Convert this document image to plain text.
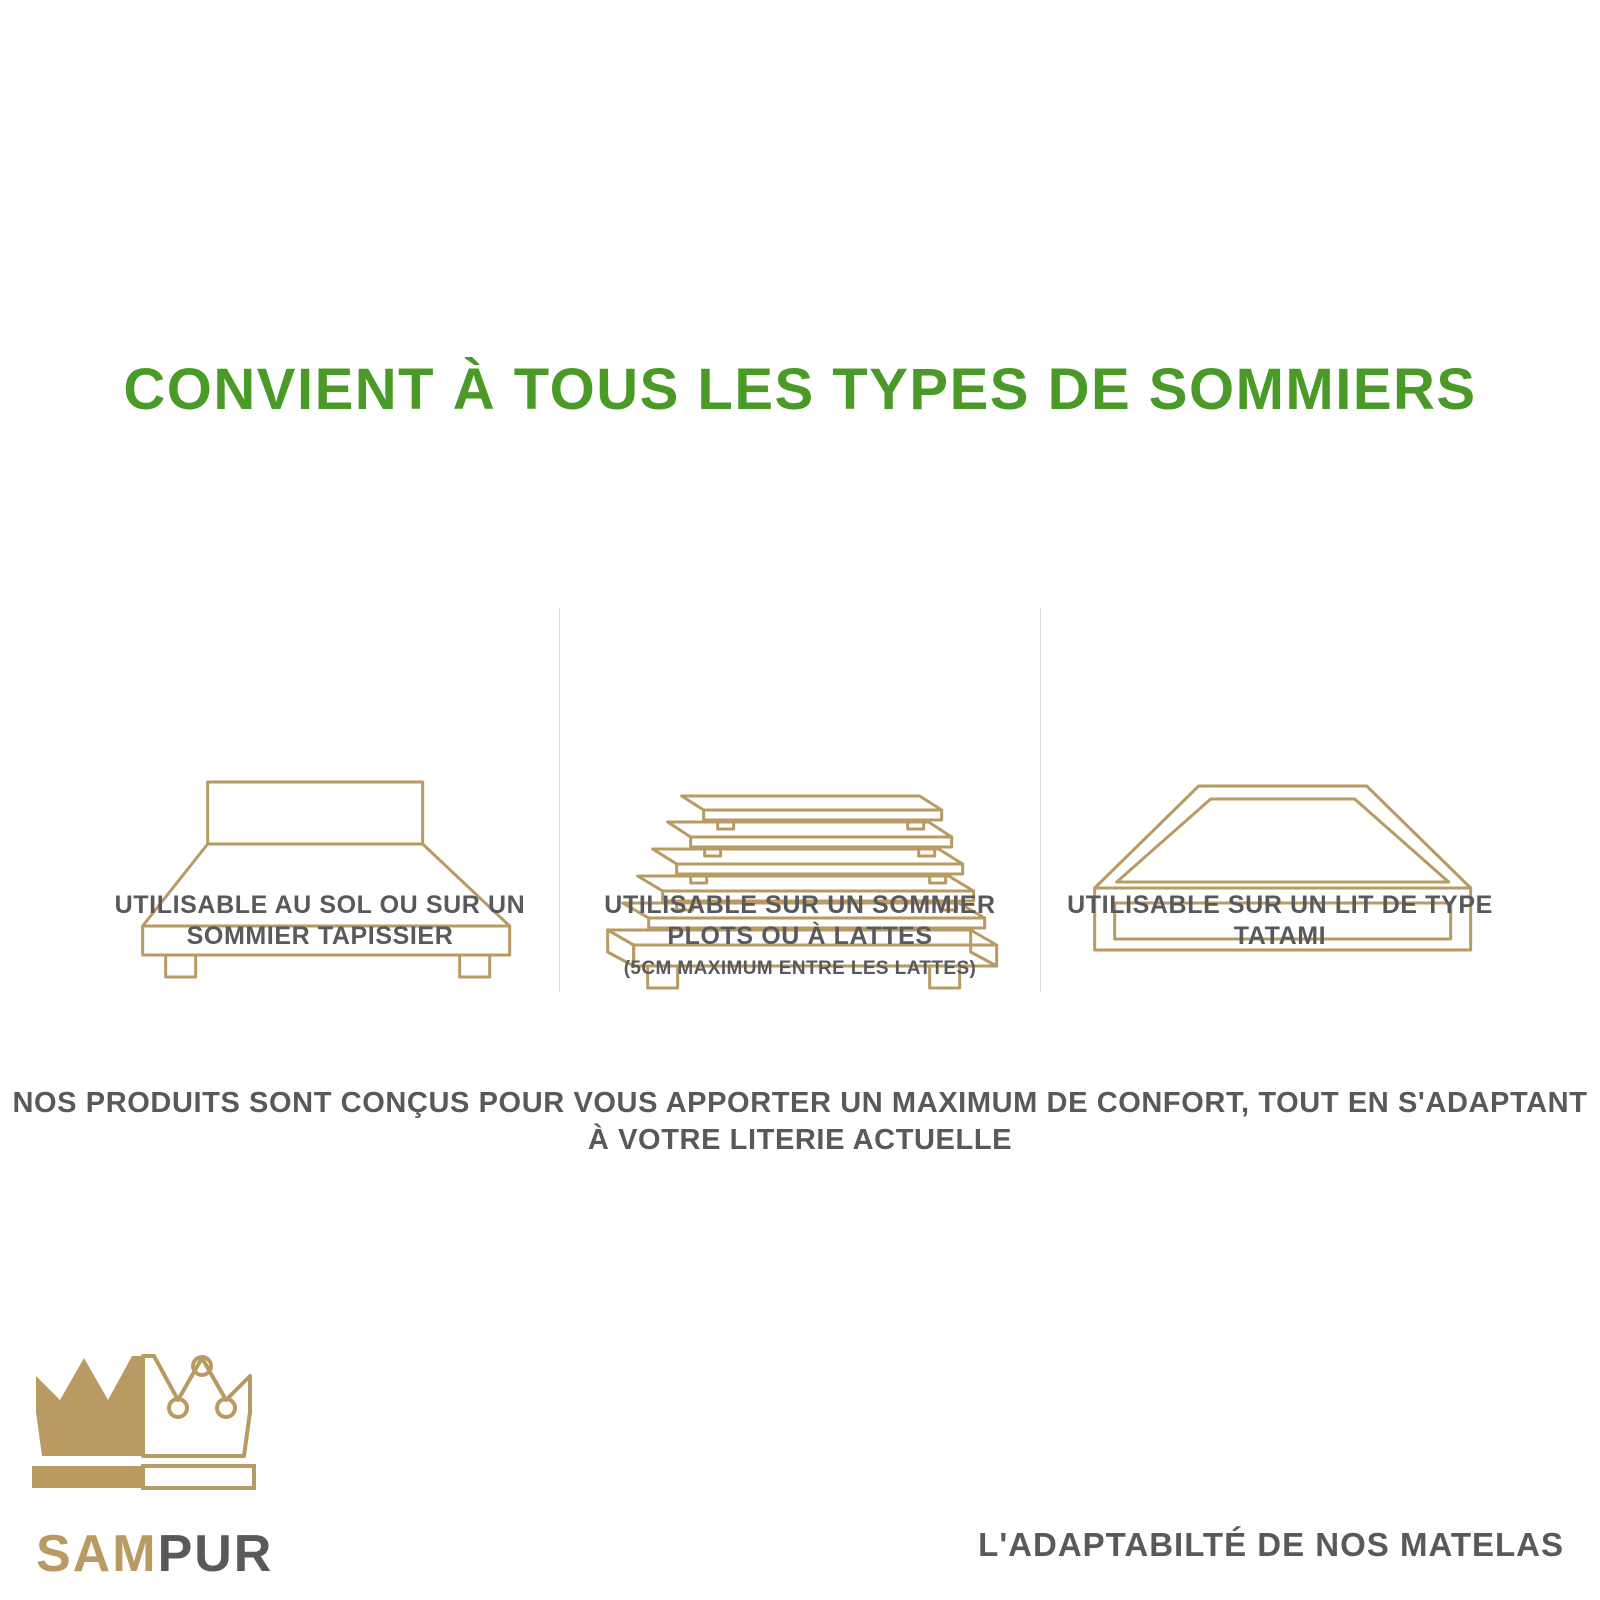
CONVIENT À TOUS LES TYPES DE SOMMIERS
UTILISABLE AU SOL OU SUR UN SOMMIER TAPISSIER
UTILISABLE SUR UN SOMMIER PLOTS OU À LATTES
(5CM MAXIMUM ENTRE LES LATTES)
UTILISABLE SUR UN LIT DE TYPE TATAMI
NOS PRODUITS SONT CONÇUS POUR VOUS APPORTER UN MAXIMUM DE CONFORT, TOUT EN S'ADAPTANT À VOTRE LITERIE ACTUELLE
SAMPUR	L'ADAPTABILTÉ DE NOS MATELAS
